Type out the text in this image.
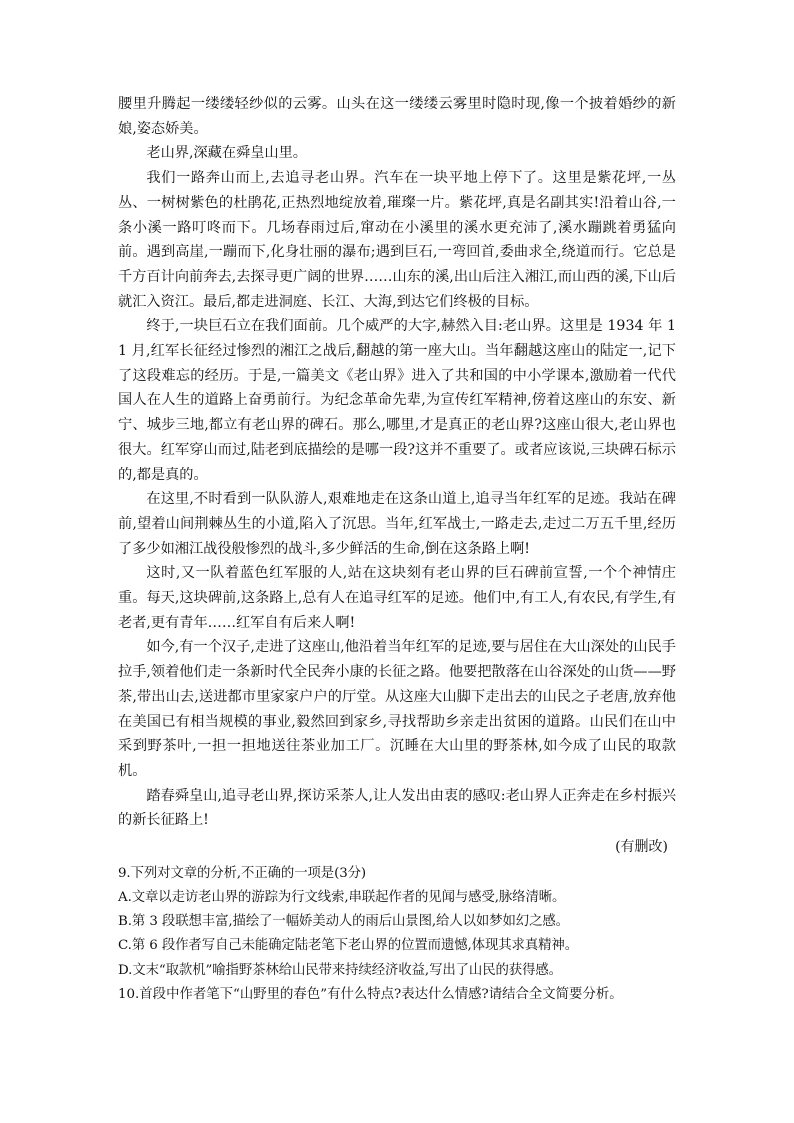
腰里升腾起一缕缕轻纱似的云雾。山头在这一缕缕云雾里时隐时现,像一个披着婚纱的新娘,姿态娇美。

老山界,深藏在舜皇山里。

我们一路奔山而上,去追寻老山界。汽车在一块平地上停下了。这里是紫花坪,一丛丛、一树树紫色的杜鹃花,正热烈地绽放着,璀璨一片。紫花坪,真是名副其实!沿着山谷,一条小溪一路叮咚而下。几场春雨过后,窜动在小溪里的溪水更充沛了,溪水蹦跳着勇猛向前。遇到高崖,一蹦而下,化身壮丽的瀑布;遇到巨石,一弯回首,委曲求全,绕道而行。它总是千方百计向前奔去,去探寻更广阔的世界……山东的溪,出山后注入湘江,而山西的溪,下山后就汇入资江。最后,都走进洞庭、长江、大海,到达它们终极的目标。

终于,一块巨石立在我们面前。几个威严的大字,赫然入目:老山界。这里是 1934 年 11 月,红军长征经过惨烈的湘江之战后,翻越的第一座大山。当年翻越这座山的陆定一,记下了这段难忘的经历。于是,一篇美文《老山界》进入了共和国的中小学课本,激励着一代代国人在人生的道路上奋勇前行。为纪念革命先辈,为宣传红军精神,傍着这座山的东安、新宁、城步三地,都立有老山界的碑石。那么,哪里,才是真正的老山界?这座山很大,老山界也很大。红军穿山而过,陆老到底描绘的是哪一段?这并不重要了。或者应该说,三块碑石标示的,都是真的。

在这里,不时看到一队队游人,艰难地走在这条山道上,追寻当年红军的足迹。我站在碑前,望着山间荆棘丛生的小道,陷入了沉思。当年,红军战士,一路走去,走过二万五千里,经历了多少如湘江战役般惨烈的战斗,多少鲜活的生命,倒在这条路上啊!

这时,又一队着蓝色红军服的人,站在这块刻有老山界的巨石碑前宣誓,一个个神情庄重。每天,这块碑前,这条路上,总有人在追寻红军的足迹。他们中,有工人,有农民,有学生,有老者,更有青年……红军自有后来人啊!

如今,有一个汉子,走进了这座山,他沿着当年红军的足迹,要与居住在大山深处的山民手拉手,领着他们走一条新时代全民奔小康的长征之路。他要把散落在山谷深处的山货——野茶,带出山去,送进都市里家家户户的厅堂。从这座大山脚下走出去的山民之子老唐,放弃他在美国已有相当规模的事业,毅然回到家乡,寻找帮助乡亲走出贫困的道路。山民们在山中采到野茶叶,一担一担地送往茶业加工厂。沉睡在大山里的野茶林,如今成了山民的取款机。

踏春舜皇山,追寻老山界,探访采茶人,让人发出由衷的感叹:老山界人正奔走在乡村振兴的新长征路上!

(有删改)

9.下列对文章的分析,不正确的一项是(3分)

A.文章以走访老山界的游踪为行文线索,串联起作者的见闻与感受,脉络清晰。

B.第 3 段联想丰富,描绘了一幅娇美动人的雨后山景图,给人以如梦如幻之感。

C.第 6 段作者写自己未能确定陆老笔下老山界的位置而遗憾,体现其求真精神。

D.文末“取款机”喻指野茶林给山民带来持续经济收益,写出了山民的获得感。

10.首段中作者笔下“山野里的春色”有什么特点?表达什么情感?请结合全文简要分析。
